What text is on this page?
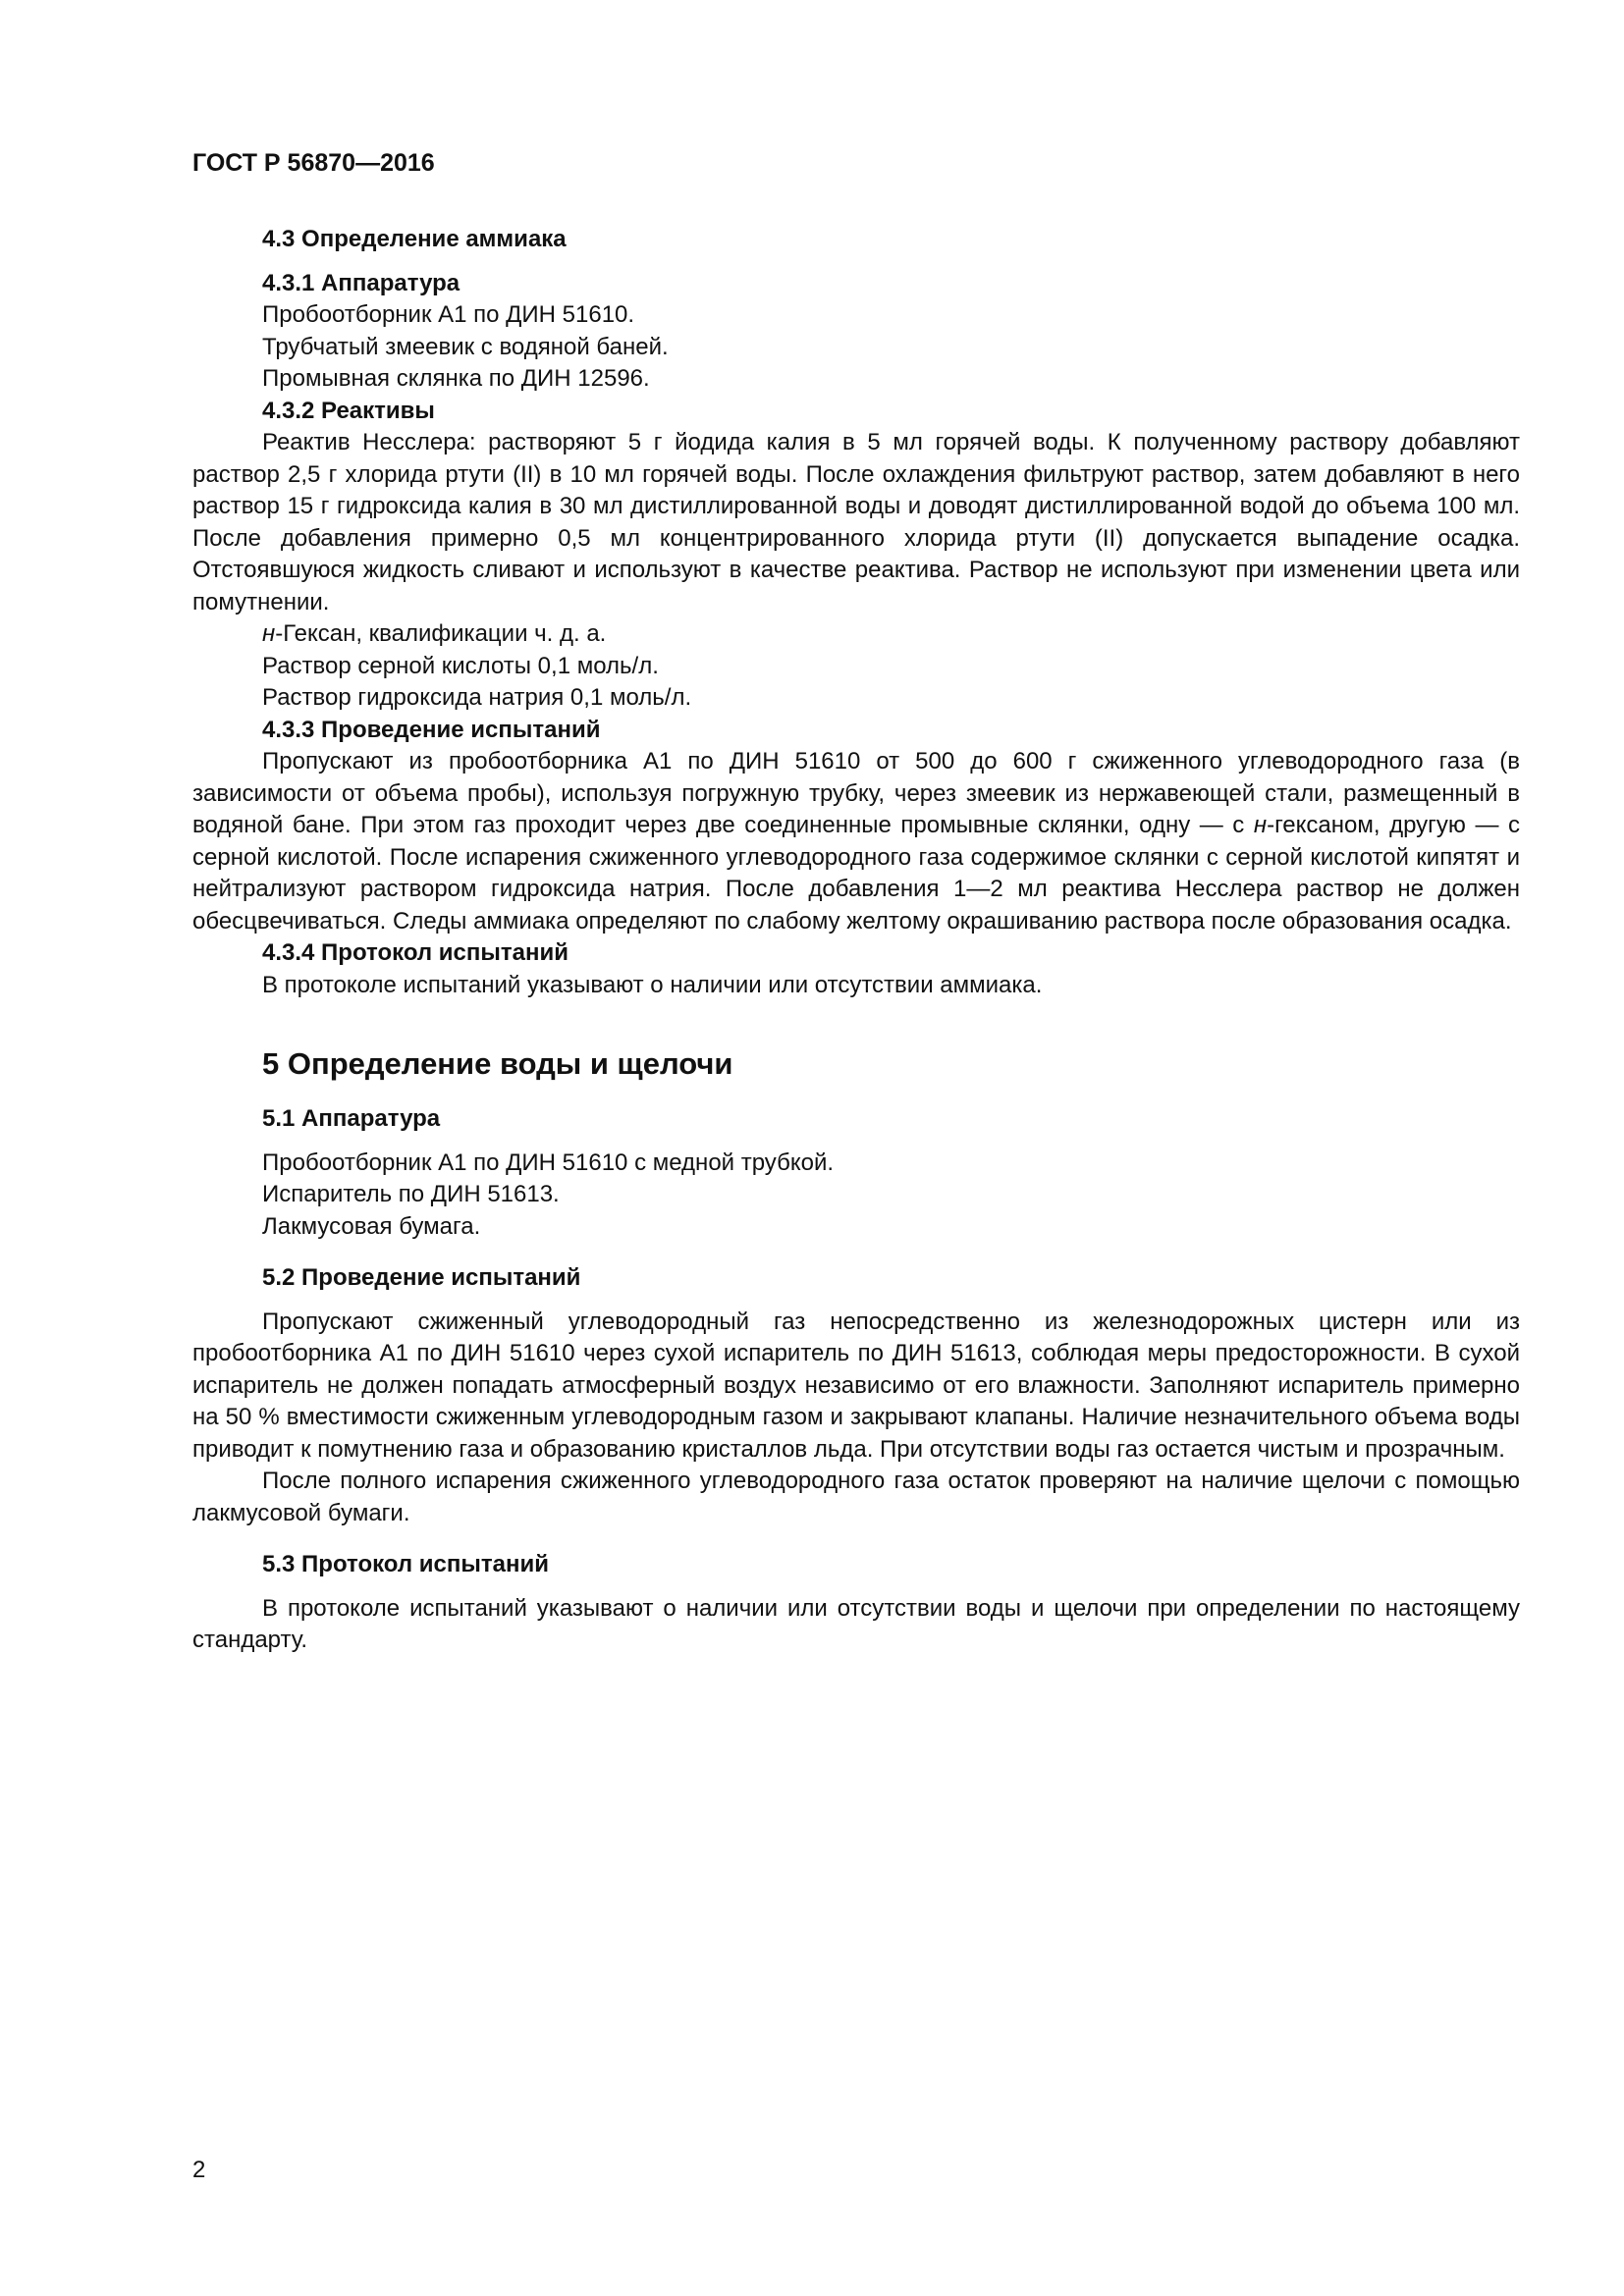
ГОСТ Р 56870—2016

4.3 Определение аммиака

4.3.1 Аппаратура

Пробоотборник А1 по ДИН 51610.

Трубчатый змеевик с водяной баней.

Промывная склянка по ДИН 12596.

4.3.2 Реактивы

Реактив Несслера: растворяют 5 г йодида калия в 5 мл горячей воды. К полученному раствору добавляют раствор 2,5 г хлорида ртути (II) в 10 мл горячей воды. После охлаждения фильтруют раствор, затем добавляют в него раствор 15 г гидроксида калия в 30 мл дистиллированной воды и доводят дистиллированной водой до объема 100 мл. После добавления примерно 0,5 мл концентрированного хлорида ртути (II) допускается выпадение осадка. Отстоявшуюся жидкость сливают и используют в качестве реактива. Раствор не используют при изменении цвета или помутнении.

н-Гексан, квалификации ч. д. а.

Раствор серной кислоты 0,1 моль/л.

Раствор гидроксида натрия 0,1 моль/л.

4.3.3 Проведение испытаний

Пропускают из пробоотборника А1 по ДИН 51610 от 500 до 600 г сжиженного углеводородного газа (в зависимости от объема пробы), используя погружную трубку, через змеевик из нержавеющей стали, размещенный в водяной бане. При этом газ проходит через две соединенные промывные склянки, одну — с н-гексаном, другую — с серной кислотой. После испарения сжиженного углеводородного газа содержимое склянки с серной кислотой кипятят и нейтрализуют раствором гидроксида натрия. После добавления 1—2 мл реактива Несслера раствор не должен обесцвечиваться. Следы аммиака определяют по слабому желтому окрашиванию раствора после образования осадка.

4.3.4 Протокол испытаний

В протоколе испытаний указывают о наличии или отсутствии аммиака.

5 Определение воды и щелочи

5.1 Аппаратура

Пробоотборник А1 по ДИН 51610 с медной трубкой.

Испаритель по ДИН 51613.

Лакмусовая бумага.

5.2 Проведение испытаний

Пропускают сжиженный углеводородный газ непосредственно из железнодорожных цистерн или из пробоотборника А1 по ДИН 51610 через сухой испаритель по ДИН 51613, соблюдая меры предосторожности. В сухой испаритель не должен попадать атмосферный воздух независимо от его влажности. Заполняют испаритель примерно на 50 % вместимости сжиженным углеводородным газом и закрывают клапаны. Наличие незначительного объема воды приводит к помутнению газа и образованию кристаллов льда. При отсутствии воды газ остается чистым и прозрачным.

После полного испарения сжиженного углеводородного газа остаток проверяют на наличие щелочи с помощью лакмусовой бумаги.

5.3 Протокол испытаний

В протоколе испытаний указывают о наличии или отсутствии воды и щелочи при определении по настоящему стандарту.

2
